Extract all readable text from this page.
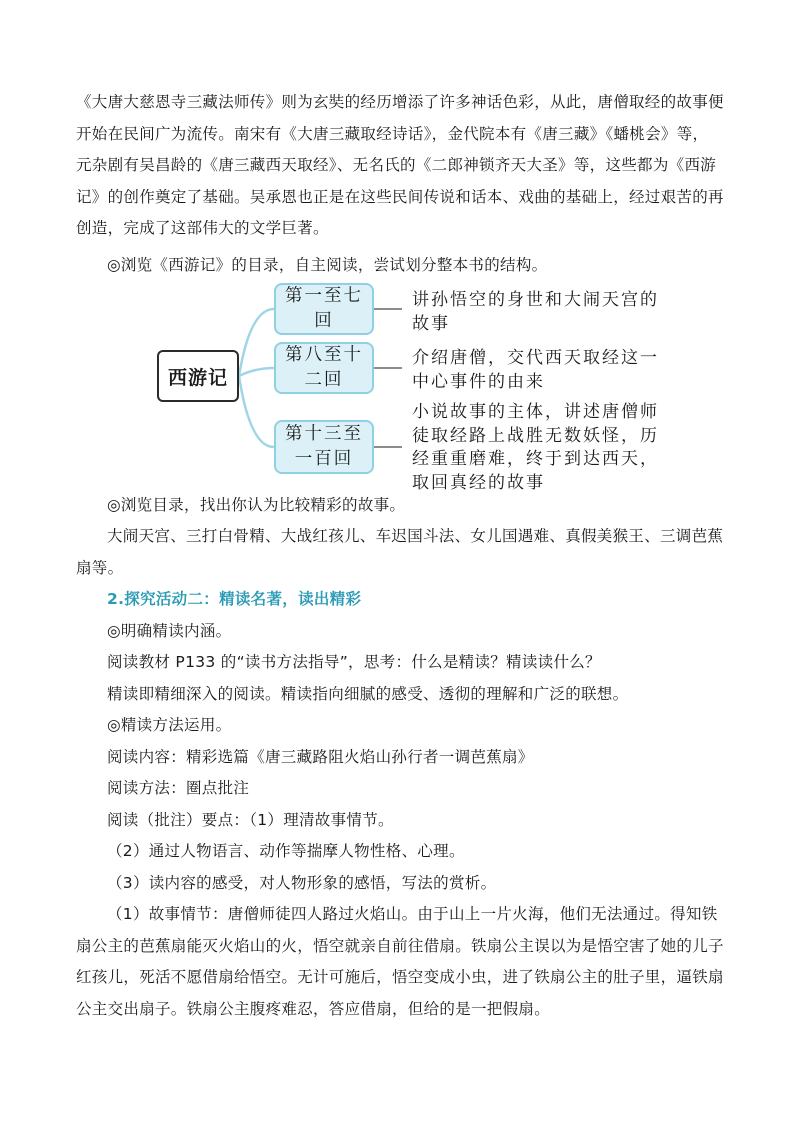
《大唐大慈恩寺三藏法师传》则为玄奘的经历增添了许多神话色彩，从此，唐僧取经的故事便开始在民间广为流传。南宋有《大唐三藏取经诗话》，金代院本有《唐三藏》《蟠桃会》等，元杂剧有吴昌龄的《唐三藏西天取经》、无名氏的《二郎神锁齐天大圣》等，这些都为《西游记》的创作奠定了基础。吴承恩也正是在这些民间传说和话本、戏曲的基础上，经过艰苦的再创造，完成了这部伟大的文学巨著。

◎浏览《西游记》的目录，自主阅读，尝试划分整本书的结构。

西游记
第一至七回
第八至十二回
第十三至一百回

讲孙悟空的身世和大闹天宫的故事

介绍唐僧，交代西天取经这一中心事件的由来

小说故事的主体，讲述唐僧师徒取经路上战胜无数妖怪，历经重重磨难，终于到达西天，取回真经的故事

◎浏览目录，找出你认为比较精彩的故事。

大闹天宫、三打白骨精、大战红孩儿、车迟国斗法、女儿国遇难、真假美猴王、三调芭蕉扇等。

2.探究活动二：精读名著，读出精彩

◎明确精读内涵。

阅读教材 P133 的“读书方法指导”，思考：什么是精读？精读读什么？

精读即精细深入的阅读。精读指向细腻的感受、透彻的理解和广泛的联想。

◎精读方法运用。

阅读内容：精彩选篇《唐三藏路阻火焰山孙行者一调芭蕉扇》

阅读方法：圈点批注

阅读（批注）要点：（1）理清故事情节。

（2）通过人物语言、动作等揣摩人物性格、心理。

（3）读内容的感受，对人物形象的感悟，写法的赏析。

（1）故事情节：唐僧师徒四人路过火焰山。由于山上一片火海，他们无法通过。得知铁扇公主的芭蕉扇能灭火焰山的火，悟空就亲自前往借扇。铁扇公主误以为是悟空害了她的儿子红孩儿，死活不愿借扇给悟空。无计可施后，悟空变成小虫，进了铁扇公主的肚子里，逼铁扇公主交出扇子。铁扇公主腹疼难忍，答应借扇，但给的是一把假扇。
